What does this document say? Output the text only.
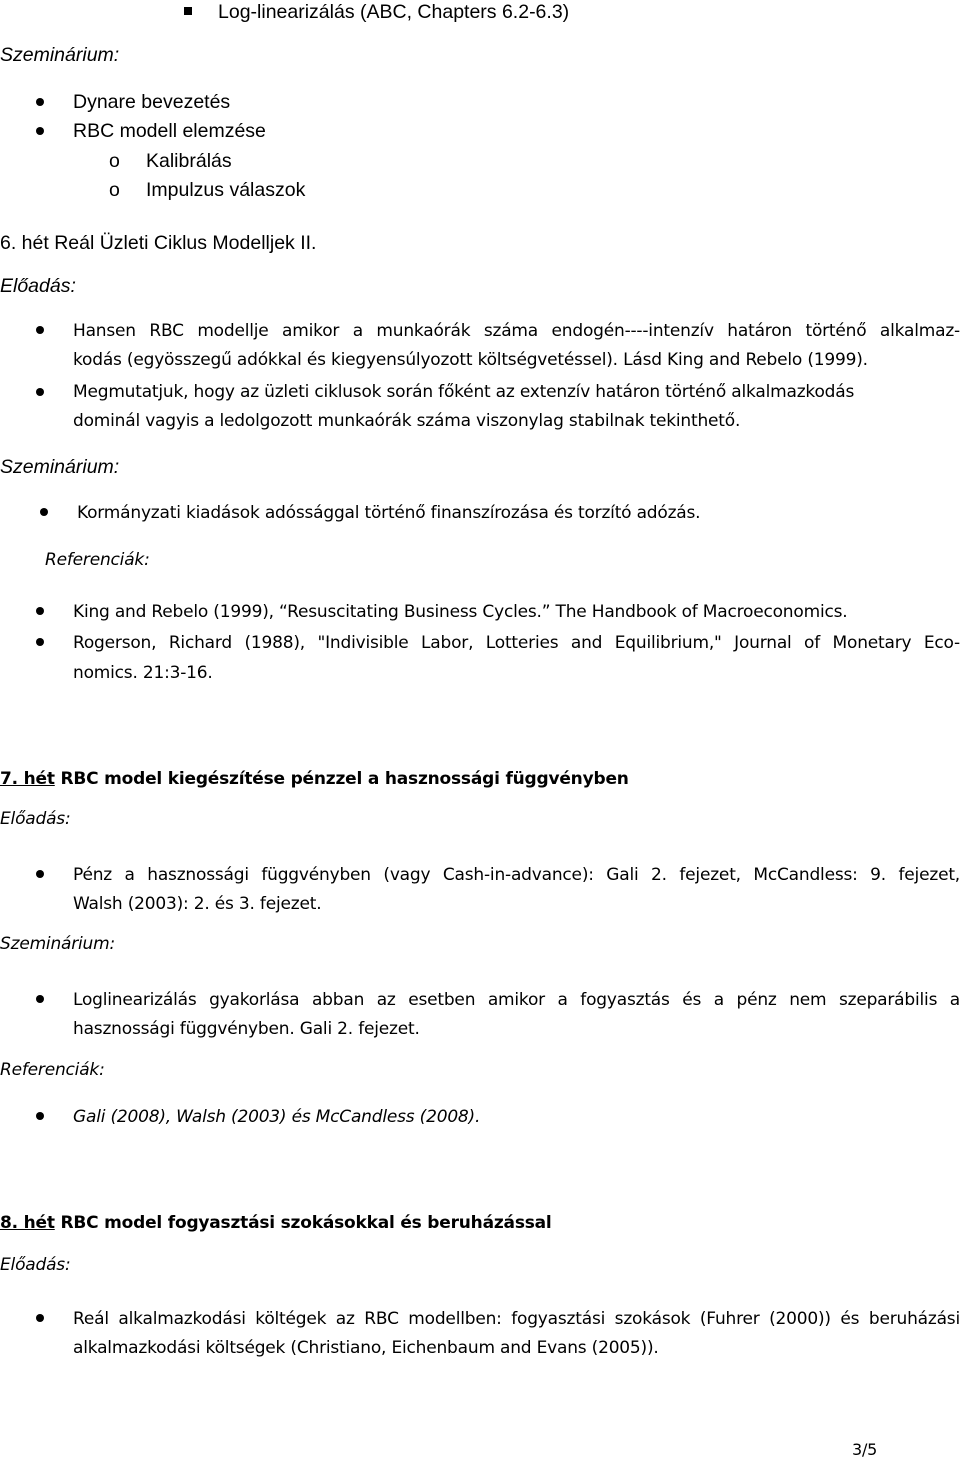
Log-linearizálás (ABC, Chapters 6.2-6.3)
Szeminárium:
Dynare bevezetés
RBC modell elemzése
o Kalibrálás
o Impulzus válaszok
6. hét Reál Üzleti Ciklus Modelljek II.
Előadás:
Hansen RBC modellje amikor a munkaórák száma endogén----intenzív határon történő alkalmaz-
kodás (egyösszegű adókkal és kiegyensúlyozott költségvetéssel). Lásd King and Rebelo (1999).
Megmutatjuk, hogy az üzleti ciklusok során főként az extenzív határon történő alkalmazkodás
dominál vagyis a ledolgozott munkaórák száma viszonylag stabilnak tekinthető.
Szeminárium:
Kormányzati kiadások adóssággal történő finanszírozása és torzító adózás.
Referenciák:
King and Rebelo (1999), “Resuscitating Business Cycles.” The Handbook of Macroeconomics.
Rogerson, Richard (1988), "Indivisible Labor, Lotteries and Equilibrium," Journal of Monetary Eco-
nomics. 21:3-16.
7. hét RBC model kiegészítése pénzzel a hasznossági függvényben
Előadás:
Pénz a hasznossági függvényben (vagy Cash-in-advance): Gali 2. fejezet, McCandless: 9. fejezet,
Walsh (2003): 2. és 3. fejezet.
Szeminárium:
Loglinearizálás gyakorlása abban az esetben amikor a fogyasztás és a pénz nem szeparábilis a
hasznossági függvényben. Gali 2. fejezet.
Referenciák:
Gali (2008), Walsh (2003) és McCandless (2008).
8. hét RBC model fogyasztási szokásokkal és beruházással
Előadás:
Reál alkalmazkodási költégek az RBC modellben: fogyasztási szokások (Fuhrer (2000)) és beruházási
alkalmazkodási költségek (Christiano, Eichenbaum and Evans (2005)).
3/5
